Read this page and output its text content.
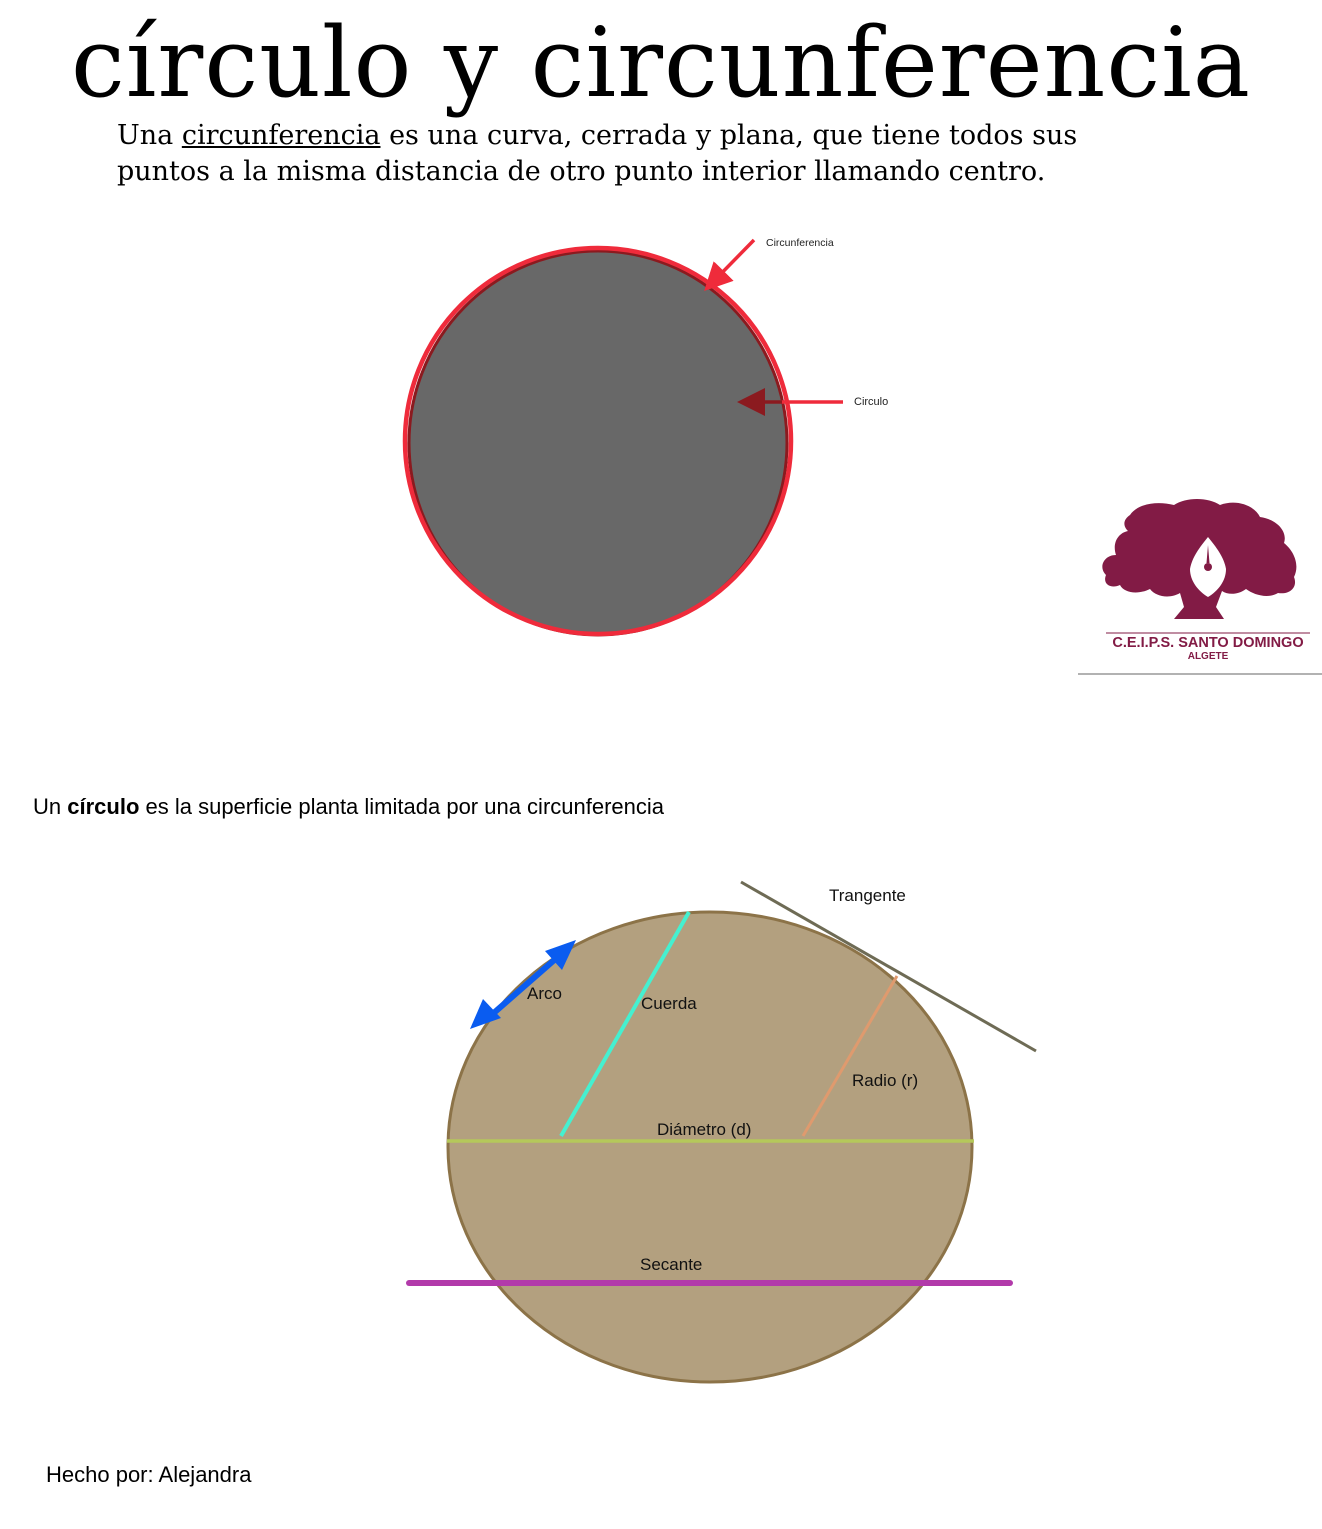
círculo y circunferencia
Una circunferencia es una curva, cerrada y plana, que tiene todos sus puntos a la misma distancia de otro punto interior llamando centro.
Circunferencia
Circulo
Trangente
Arco
Cuerda
Radio (r)
Diámetro (d)
Secante
C.E.I.P.S. SANTO DOMINGO
ALGETE
Un círculo es la superficie planta limitada por una circunferencia
Hecho por: Alejandra
